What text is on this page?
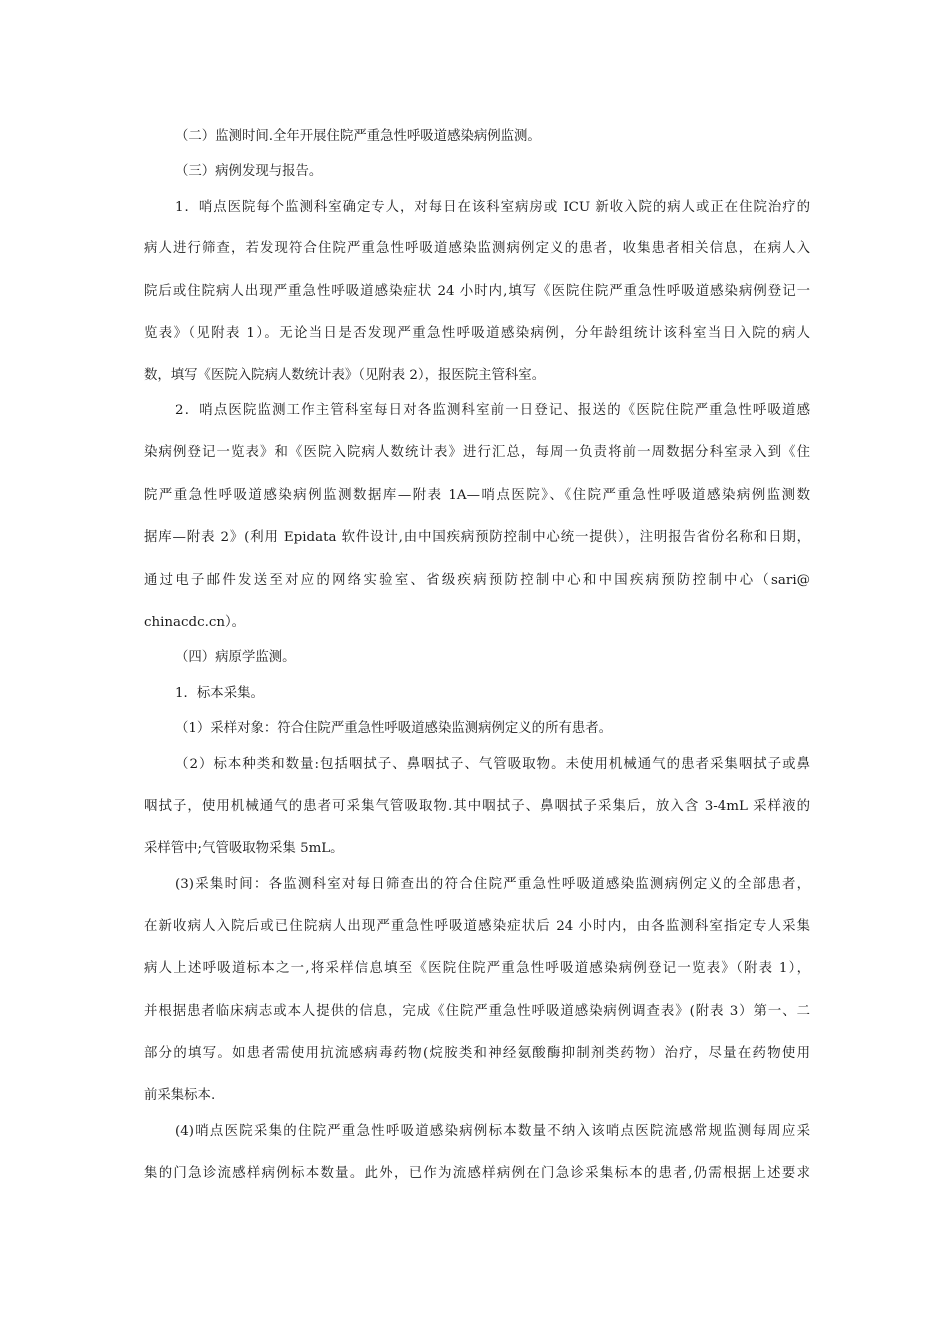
（二）监测时间.全年开展住院严重急性呼吸道感染病例监测。
（三）病例发现与报告。
1．哨点医院每个监测科室确定专人，对每日在该科室病房或 ICU 新收入院的病人或正在住院治疗的
病人进行筛查，若发现符合住院严重急性呼吸道感染监测病例定义的患者，收集患者相关信息，在病人入
院后或住院病人出现严重急性呼吸道感染症状 24 小时内,填写《医院住院严重急性呼吸道感染病例登记一
览表》（见附表 1）。无论当日是否发现严重急性呼吸道感染病例，分年龄组统计该科室当日入院的病人
数，填写《医院入院病人数统计表》（见附表 2），报医院主管科室。
2．哨点医院监测工作主管科室每日对各监测科室前一日登记、报送的《医院住院严重急性呼吸道感
染病例登记一览表》和《医院入院病人数统计表》进行汇总，每周一负责将前一周数据分科室录入到《住
院严重急性呼吸道感染病例监测数据库—附表 1A—哨点医院》、《住院严重急性呼吸道感染病例监测数
据库—附表 2》(利用 Epidata 软件设计,由中国疾病预防控制中心统一提供），注明报告省份名称和日期，
通过电子邮件发送至对应的网络实验室、省级疾病预防控制中心和中国疾病预防控制中心（sari@
chinacdc.cn）。
（四）病原学监测。
1．标本采集。
（1）采样对象：符合住院严重急性呼吸道感染监测病例定义的所有患者。
（2）标本种类和数量:包括咽拭子、鼻咽拭子、气管吸取物。未使用机械通气的患者采集咽拭子或鼻
咽拭子，使用机械通气的患者可采集气管吸取物.其中咽拭子、鼻咽拭子采集后，放入含 3-4mL 采样液的
采样管中;气管吸取物采集 5mL。
(3)采集时间：各监测科室对每日筛查出的符合住院严重急性呼吸道感染监测病例定义的全部患者，
在新收病人入院后或已住院病人出现严重急性呼吸道感染症状后 24 小时内，由各监测科室指定专人采集
病人上述呼吸道标本之一,将采样信息填至《医院住院严重急性呼吸道感染病例登记一览表》（附表 1），
并根据患者临床病志或本人提供的信息，完成《住院严重急性呼吸道感染病例调查表》(附表 3）第一、二
部分的填写。如患者需使用抗流感病毒药物(烷胺类和神经氨酸酶抑制剂类药物）治疗，尽量在药物使用
前采集标本.
(4)哨点医院采集的住院严重急性呼吸道感染病例标本数量不纳入该哨点医院流感常规监测每周应采
集的门急诊流感样病例标本数量。此外，已作为流感样病例在门急诊采集标本的患者,仍需根据上述要求
